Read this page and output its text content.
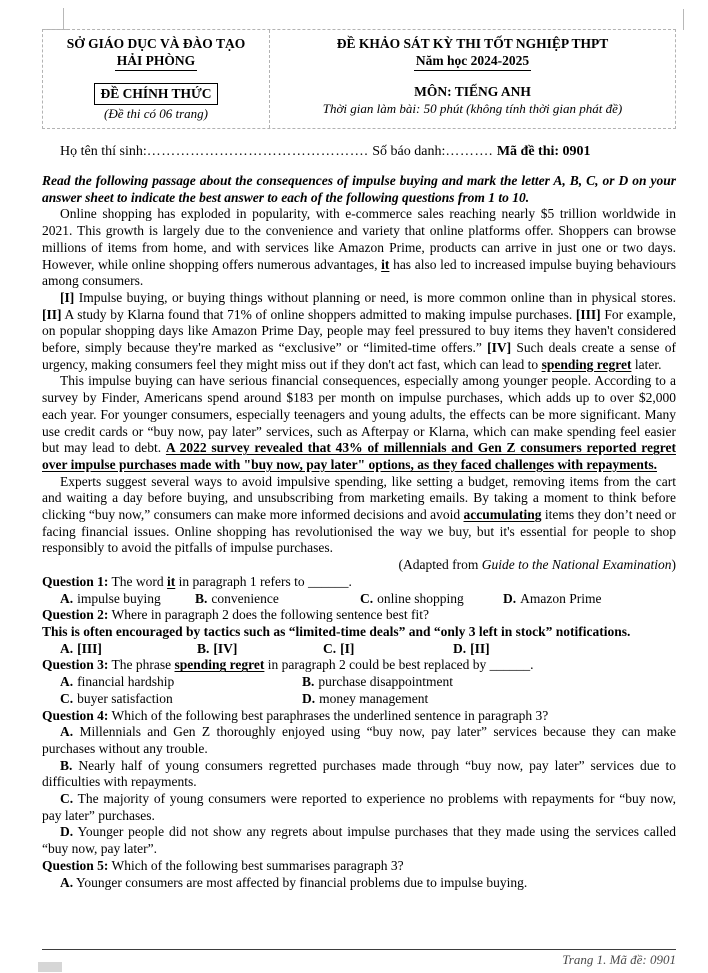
SỞ GIÁO DỤC VÀ ĐÀO TẠO
HẢI PHÒNG
ĐỀ CHÍNH THỨC
(Đề thi có 06 trang)
ĐỀ KHẢO SÁT KỲ THI TỐT NGHIỆP THPT
Năm học 2024-2025
MÔN: TIẾNG ANH
Thời gian làm bài: 50 phút (không tính thời gian phát đề)
Họ tên thí sinh:………………………………………. Số báo danh:………. Mã đề thi: 0901

Read the following passage about the consequences of impulse buying and mark the letter A, B, C, or D on your answer sheet to indicate the best answer to each of the following questions from 1 to 10.

Online shopping has exploded in popularity, with e-commerce sales reaching nearly $5 trillion worldwide in 2021. This growth is largely due to the convenience and variety that online platforms offer. Shoppers can browse millions of items from home, and with services like Amazon Prime, products can arrive in just one or two days. However, while online shopping offers numerous advantages, it has also led to increased impulse buying behaviours among consumers.

[I] Impulse buying, or buying things without planning or need, is more common online than in physical stores. [II] A study by Klarna found that 71% of online shoppers admitted to making impulse purchases. [III] For example, on popular shopping days like Amazon Prime Day, people may feel pressured to buy items they haven't considered before, simply because they're marked as “exclusive” or “limited-time offers.” [IV] Such deals create a sense of urgency, making consumers feel they might miss out if they don't act fast, which can lead to spending regret later.

This impulse buying can have serious financial consequences, especially among younger people. According to a survey by Finder, Americans spend around $183 per month on impulse purchases, which adds up to over $2,000 each year. For younger consumers, especially teenagers and young adults, the effects can be more significant. Many use credit cards or “buy now, pay later” services, such as Afterpay or Klarna, which can make spending feel easier but may lead to debt. A 2022 survey revealed that 43% of millennials and Gen Z consumers reported regret over impulse purchases made with "buy now, pay later" options, as they faced challenges with repayments.

Experts suggest several ways to avoid impulsive spending, like setting a budget, removing items from the cart and waiting a day before buying, and unsubscribing from marketing emails. By taking a moment to think before clicking “buy now,” consumers can make more informed decisions and avoid accumulating items they don’t need or facing financial issues. Online shopping has revolutionised the way we buy, but it's essential for people to shop responsibly to avoid the pitfalls of impulse purchases.

(Adapted from Guide to the National Examination)

Question 1: The word it in paragraph 1 refers to ______.

A. impulse buying	B. convenience	C. online shopping	D. Amazon Prime

Question 2: Where in paragraph 2 does the following sentence best fit?

This is often encouraged by tactics such as “limited-time deals” and “only 3 left in stock” notifications.

A. [III]	B. [IV]	C. [I]	D. [II]

Question 3: The phrase spending regret in paragraph 2 could be best replaced by ______.

A. financial hardship	B. purchase disappointment
C. buyer satisfaction	D. money management

Question 4: Which of the following best paraphrases the underlined sentence in paragraph 3?

A. Millennials and Gen Z thoroughly enjoyed using “buy now, pay later” services because they can make purchases without any trouble.

B. Nearly half of young consumers regretted purchases made through “buy now, pay later” services due to difficulties with repayments.

C. The majority of young consumers were reported to experience no problems with repayments for “buy now, pay later” purchases.

D. Younger people did not show any regrets about impulse purchases that they made using the services called “buy now, pay later”.

Question 5: Which of the following best summarises paragraph 3?

A. Younger consumers are most affected by financial problems due to impulse buying.

Trang 1. Mã đề: 0901
